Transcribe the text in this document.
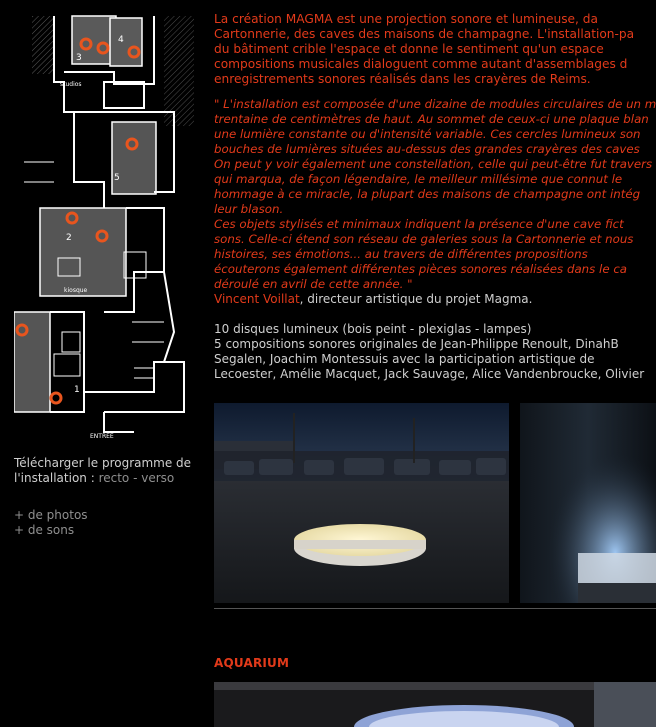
3
4
5
2
1
studios
kiosque
ENTRÉE
Télécharger le programme de
l'installation : recto - verso
+ de photos
+ de sons
La création MAGMA est une projection sonore et lumineuse, da
Cartonnerie, des caves des maisons de champagne. L'installation-pa
du bâtiment crible l'espace et donne le sentiment qu'un espace
compositions musicales dialoguent comme autant d'assemblages d
enregistrements sonores réalisés dans les crayères de Reims.
" L'installation est composée d'une dizaine de modules circulaires de un m
trentaine de centimètres de haut. Au sommet de ceux-ci une plaque blan
une lumière constante ou d'intensité variable. Ces cercles lumineux son
bouches de lumières situées au-dessus des grandes crayères des caves
On peut y voir également une constellation, celle qui peut-être fut travers
qui marqua, de façon légendaire, le meilleur millésime que connut le
hommage à ce miracle, la plupart des maisons de champagne ont intég
leur blason.
Ces objets stylisés et minimaux indiquent la présence d'une cave fict
sons. Celle-ci étend son réseau de galeries sous la Cartonnerie et nous
histoires, ses émotions... au travers de différentes propositions
écouterons également différentes pièces sonores réalisées dans le ca
déroulé en avril de cette année. "

Vincent Voillat, directeur artistique du projet Magma.

10 disques lumineux (bois peint - plexiglas - lampes)
5 compositions sonores originales de Jean-Philippe Renoult, DinahB
Segalen, Joachim Montessuis avec la participation artistique de
Lecoester, Amélie Macquet, Jack Sauvage, Alice Vandenbroucke, Olivier
AQUARIUM
